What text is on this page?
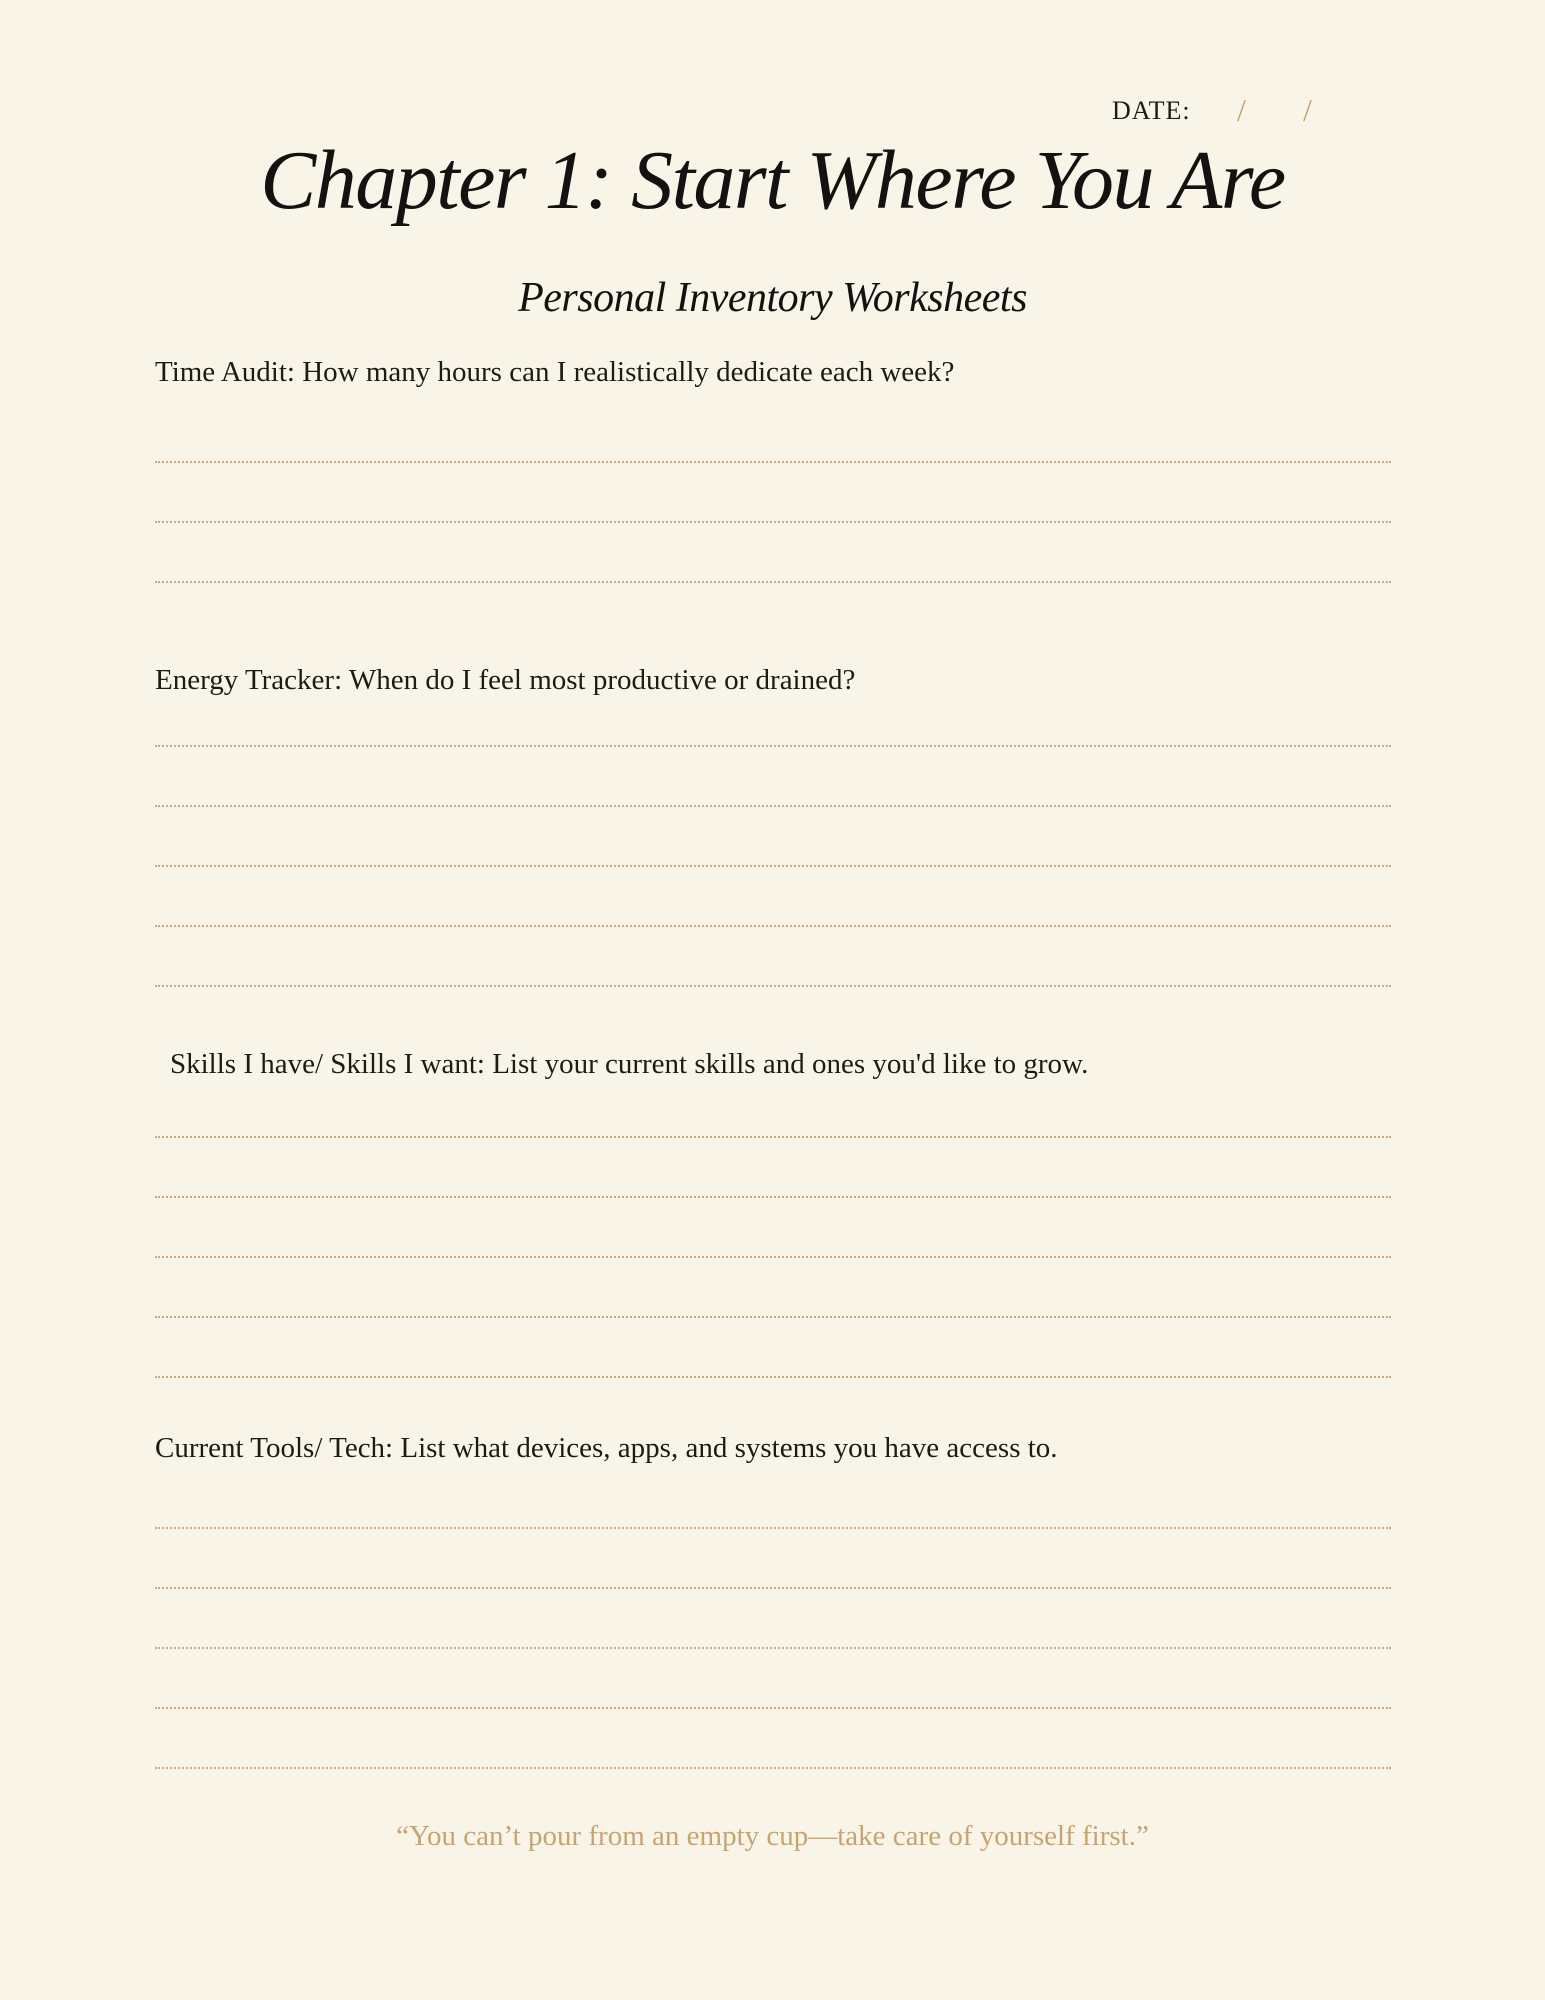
DATE: / /
Chapter 1: Start Where You Are
Personal Inventory Worksheets
Time Audit: How many hours can I realistically dedicate each week?
Energy Tracker: When do I feel most productive or drained?
Skills I have/ Skills I want: List your current skills and ones you'd like to grow.
Current Tools/ Tech: List what devices, apps, and systems you have access to.
“You can’t pour from an empty cup—take care of yourself first.”
